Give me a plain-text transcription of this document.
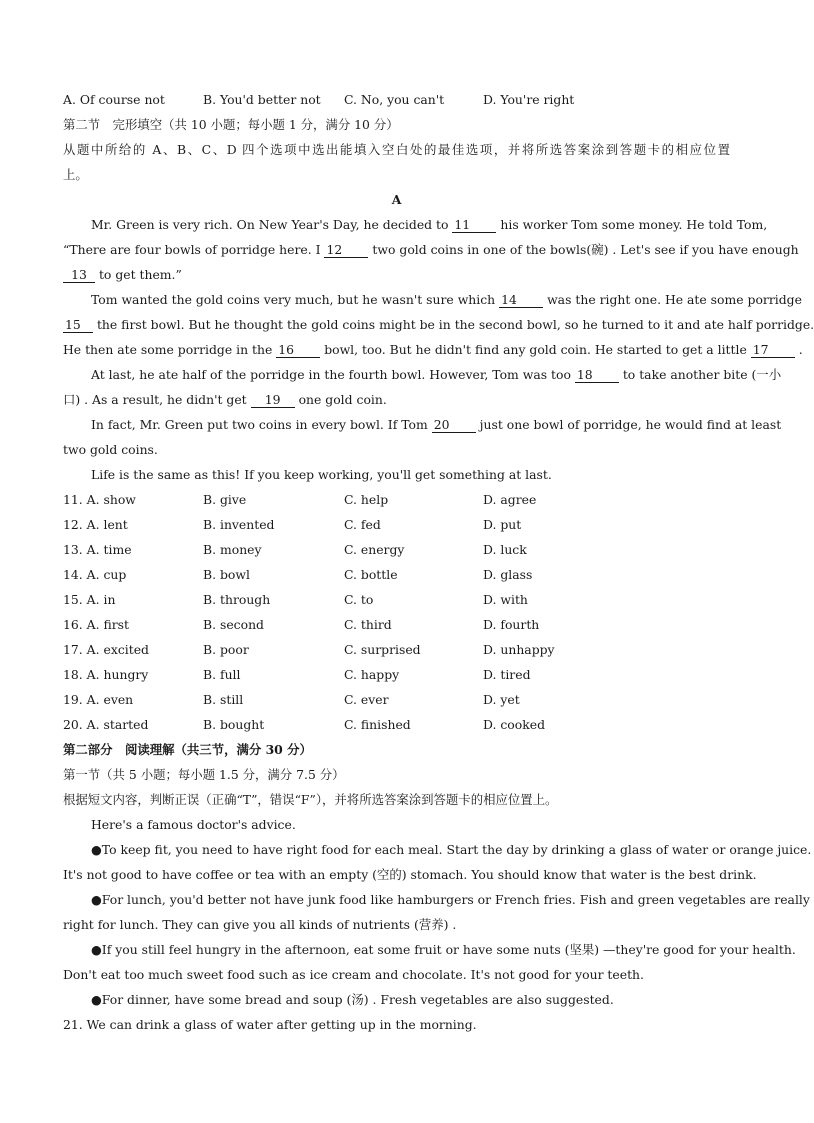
A. Of course not	B. You'd better not	C. No, you can't	D. You're right
第二节　完形填空（共 10 小题；每小题 1 分，满分 10 分）
从题中所给的 A、B、C、D 四个选项中选出能填入空白处的最佳选项，并将所选答案涂到答题卡的相应位置
上。
A
Mr. Green is very rich. On New Year's Day, he decided to 11 his worker Tom some money. He told Tom,
“There are four bowls of porridge here. I 12 two gold coins in one of the bowls(碗) . Let's see if you have enough
13 to get them.”
Tom wanted the gold coins very much, but he wasn't sure which 14 was the right one. He ate some porridge
15 the first bowl. But he thought the gold coins might be in the second bowl, so he turned to it and ate half porridge.
He then ate some porridge in the 16 bowl, too. But he didn't find any gold coin. He started to get a little 17 .
At last, he ate half of the porridge in the fourth bowl. However, Tom was too 18 to take another bite (一小
口) . As a result, he didn't get 19 one gold coin.
In fact, Mr. Green put two coins in every bowl. If Tom 20 just one bowl of porridge, he would find at least
two gold coins.
Life is the same as this! If you keep working, you'll get something at last.
11. A. show	B. give	C. help	D. agree
12. A. lent	B. invented	C. fed	D. put
13. A. time	B. money	C. energy	D. luck
14. A. cup	B. bowl	C. bottle	D. glass
15. A. in	B. through	C. to	D. with
16. A. first	B. second	C. third	D. fourth
17. A. excited	B. poor	C. surprised	D. unhappy
18. A. hungry	B. full	C. happy	D. tired
19. A. even	B. still	C. ever	D. yet
20. A. started	B. bought	C. finished	D. cooked
第二部分　阅读理解（共三节，满分 30 分）
第一节（共 5 小题；每小题 1.5 分，满分 7.5 分）
根据短文内容，判断正误（正确“T”，错误“F”），并将所选答案涂到答题卡的相应位置上。
Here's a famous doctor's advice.
●To keep fit, you need to have right food for each meal. Start the day by drinking a glass of water or orange juice.
It's not good to have coffee or tea with an empty (空的) stomach. You should know that water is the best drink.
●For lunch, you'd better not have junk food like hamburgers or French fries. Fish and green vegetables are really
right for lunch. They can give you all kinds of nutrients (营养) .
●If you still feel hungry in the afternoon, eat some fruit or have some nuts (坚果) —they're good for your health.
Don't eat too much sweet food such as ice cream and chocolate. It's not good for your teeth.
●For dinner, have some bread and soup (汤) . Fresh vegetables are also suggested.
21. We can drink a glass of water after getting up in the morning.
